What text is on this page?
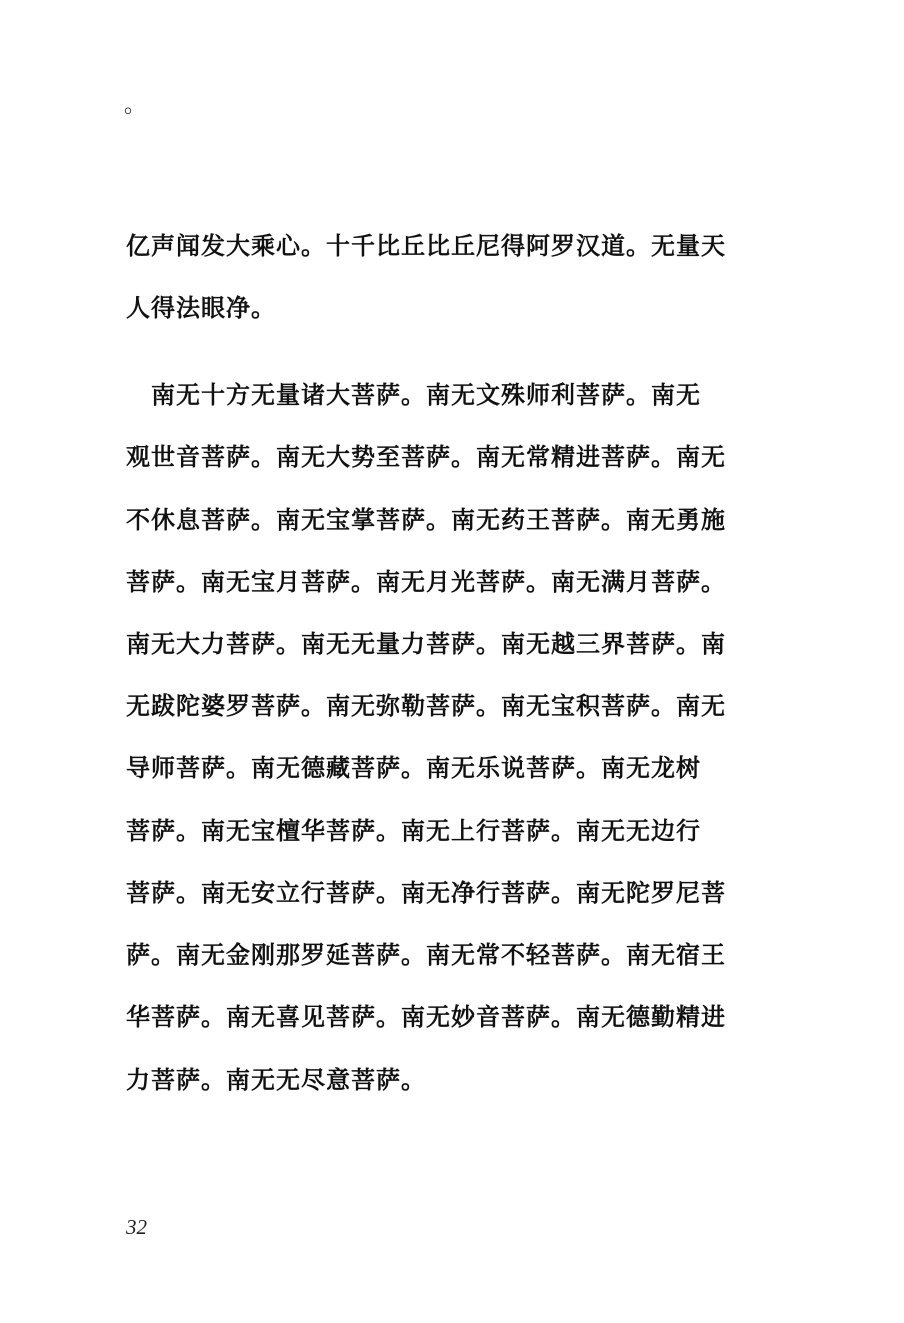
。
亿声闻发大乘心。十千比丘比丘尼得阿罗汉道。无量天
人得法眼净。
　南无十方无量诸大菩萨。南无文殊师利菩萨。南无
观世音菩萨。南无大势至菩萨。南无常精进菩萨。南无
不休息菩萨。南无宝掌菩萨。南无药王菩萨。南无勇施
菩萨。南无宝月菩萨。南无月光菩萨。南无满月菩萨。
南无大力菩萨。南无无量力菩萨。南无越三界菩萨。南
无跋陀婆罗菩萨。南无弥勒菩萨。南无宝积菩萨。南无
导师菩萨。南无德藏菩萨。南无乐说菩萨。南无龙树
菩萨。南无宝檀华菩萨。南无上行菩萨。南无无边行
菩萨。南无安立行菩萨。南无净行菩萨。南无陀罗尼菩
萨。南无金刚那罗延菩萨。南无常不轻菩萨。南无宿王
华菩萨。南无喜见菩萨。南无妙音菩萨。南无德勤精进
力菩萨。南无无尽意菩萨。
32
